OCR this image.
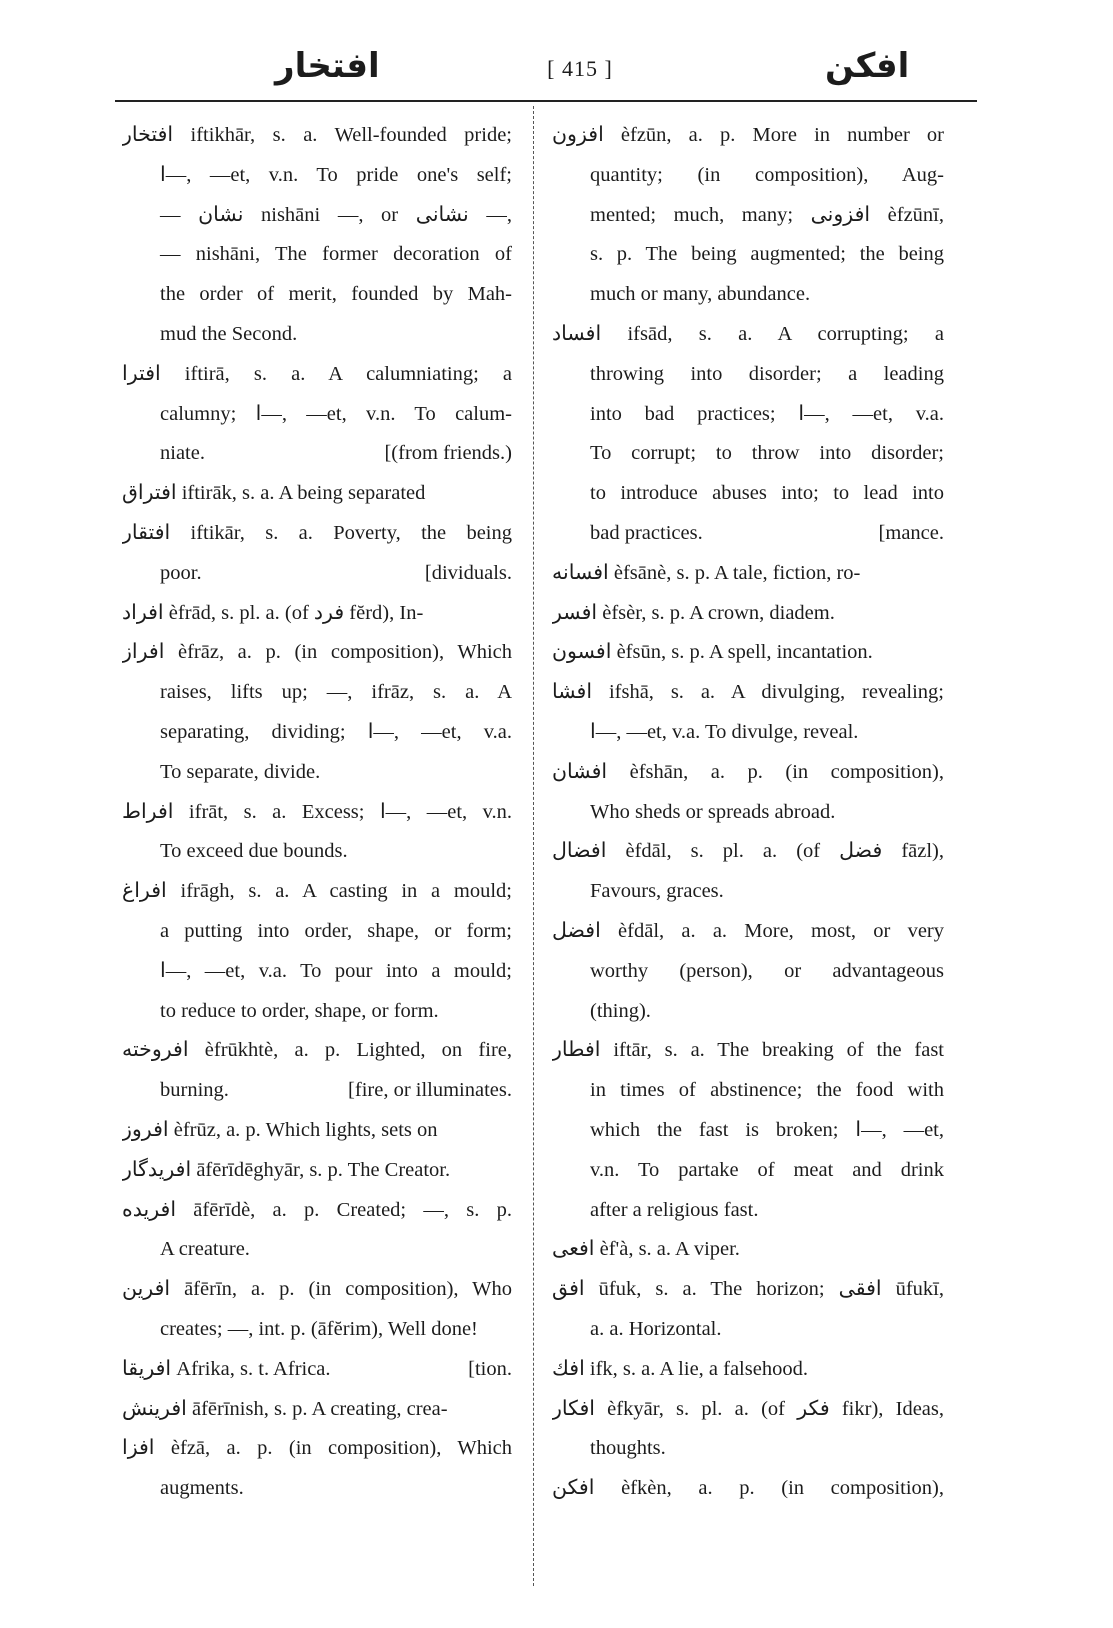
افتخار	[ 415 ]	افکن
افتخار iftikhār, s. a. Well-founded pride;
ا—, —et, v.n. To pride one's self;
— نشان nishāni —, or نشانی —,
— nishāni, The former decoration of
the order of merit, founded by Mah-
mud the Second.
افترا iftirā, s. a. A calumniating; a
calumny; ا—, —et, v.n. To calum-
niate.	[(from friends.)
افتراق iftirāk, s. a. A being separated
افتقار iftikār, s. a. Poverty, the being
poor.	[dividuals.
افراد èfrād, s. pl. a. (of فرد fĕrd), In-
افراز èfrāz, a. p. (in composition), Which
raises, lifts up; —, ifrāz, s. a. A
separating, dividing; ا—, —et, v.a.
To separate, divide.
افراط ifrāt, s. a. Excess; ا—, —et, v.n.
To exceed due bounds.
افراغ ifrāgh, s. a. A casting in a mould;
a putting into order, shape, or form;
ا—, —et, v.a. To pour into a mould;
to reduce to order, shape, or form.
افروخته èfrūkhtè, a. p. Lighted, on fire,
burning.	[fire, or illuminates.
افروز èfrūz, a. p. Which lights, sets on
افریدگار āfērīdēghyār, s. p. The Creator.
افریده āfērīdè, a. p. Created; —, s. p.
A creature.
افرین āfērīn, a. p. (in composition), Who
creates; —, int. p. (āfĕrim), Well done!
افریقا Afrika, s. t. Africa.	[tion.
افرینش āfērīnish, s. p. A creating, crea-
افزا èfzā, a. p. (in composition), Which
augments.
افزون èfzūn, a. p. More in number or
quantity; (in composition), Aug-
mented; much, many; افزونی èfzūnī,
s. p. The being augmented; the being
much or many, abundance.
افساد ifsād, s. a. A corrupting; a
throwing into disorder; a leading
into bad practices; ا—, —et, v.a.
To corrupt; to throw into disorder;
to introduce abuses into; to lead into
bad practices.	[mance.
افسانه èfsānè, s. p. A tale, fiction, ro-
افسر èfsèr, s. p. A crown, diadem.
افسون èfsūn, s. p. A spell, incantation.
افشا ifshā, s. a. A divulging, revealing;
ا—, —et, v.a. To divulge, reveal.
افشان èfshān, a. p. (in composition),
Who sheds or spreads abroad.
افضال èfdāl, s. pl. a. (of فضل fāzl),
Favours, graces.
افضل èfdāl, a. a. More, most, or very
worthy (person), or advantageous
(thing).
افطار iftār, s. a. The breaking of the fast
in times of abstinence; the food with
which the fast is broken; ا—, —et,
v.n. To partake of meat and drink
after a religious fast.
افعی èf'à, s. a. A viper.
افق ūfuk, s. a. The horizon; افقی ūfukī,
a. a. Horizontal.
افك ifk, s. a. A lie, a falsehood.
افكار èfkyār, s. pl. a. (of فكر fikr), Ideas,
thoughts.
افكن èfkèn, a. p. (in composition),
